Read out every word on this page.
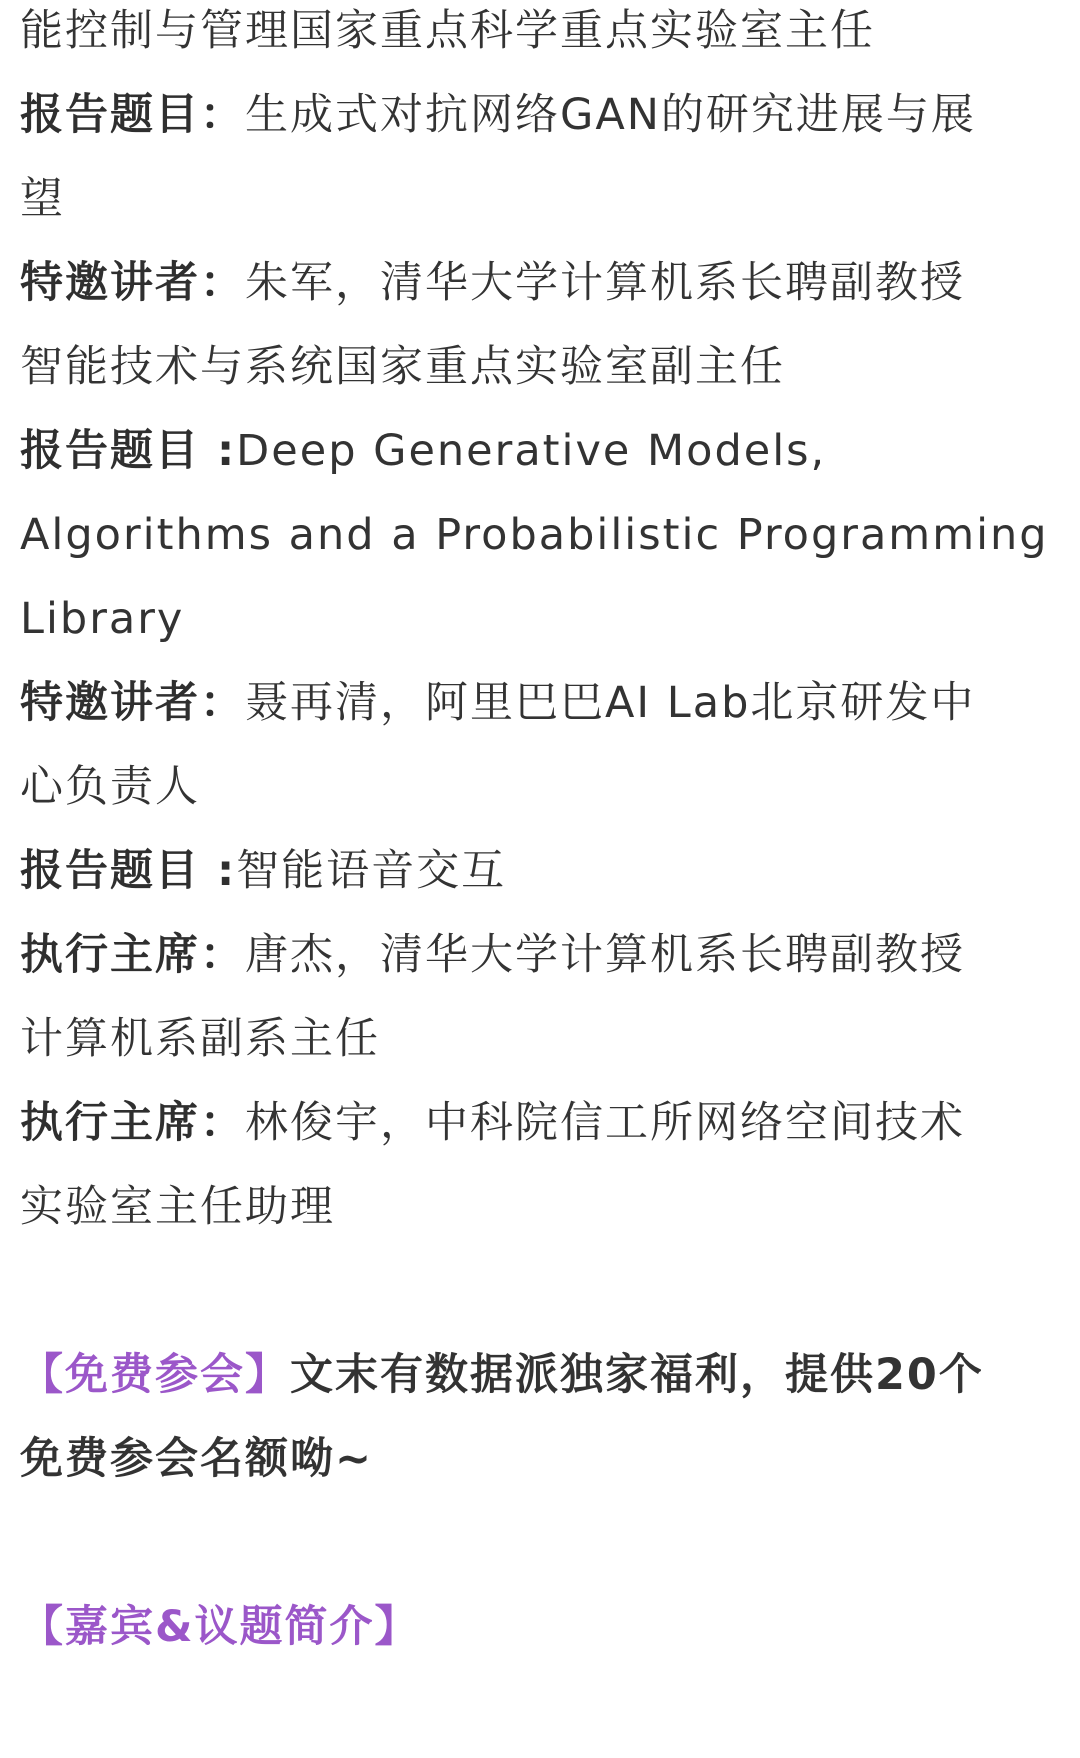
能控制与管理国家重点科学重点实验室主任
报告题目：生成式对抗网络GAN的研究进展与展
望
特邀讲者：朱军，清华大学计算机系长聘副教授
智能技术与系统国家重点实验室副主任
报告题目 :Deep Generative Models,
Algorithms and a Probabilistic Programming
Library
特邀讲者：聂再清，阿里巴巴AI Lab北京研发中
心负责人
报告题目 :智能语音交互
执行主席：唐杰，清华大学计算机系长聘副教授
计算机系副系主任
执行主席：林俊宇，中科院信工所网络空间技术
实验室主任助理
【免费参会】文末有数据派独家福利，提供20个
免费参会名额呦~
【嘉宾&议题简介】
